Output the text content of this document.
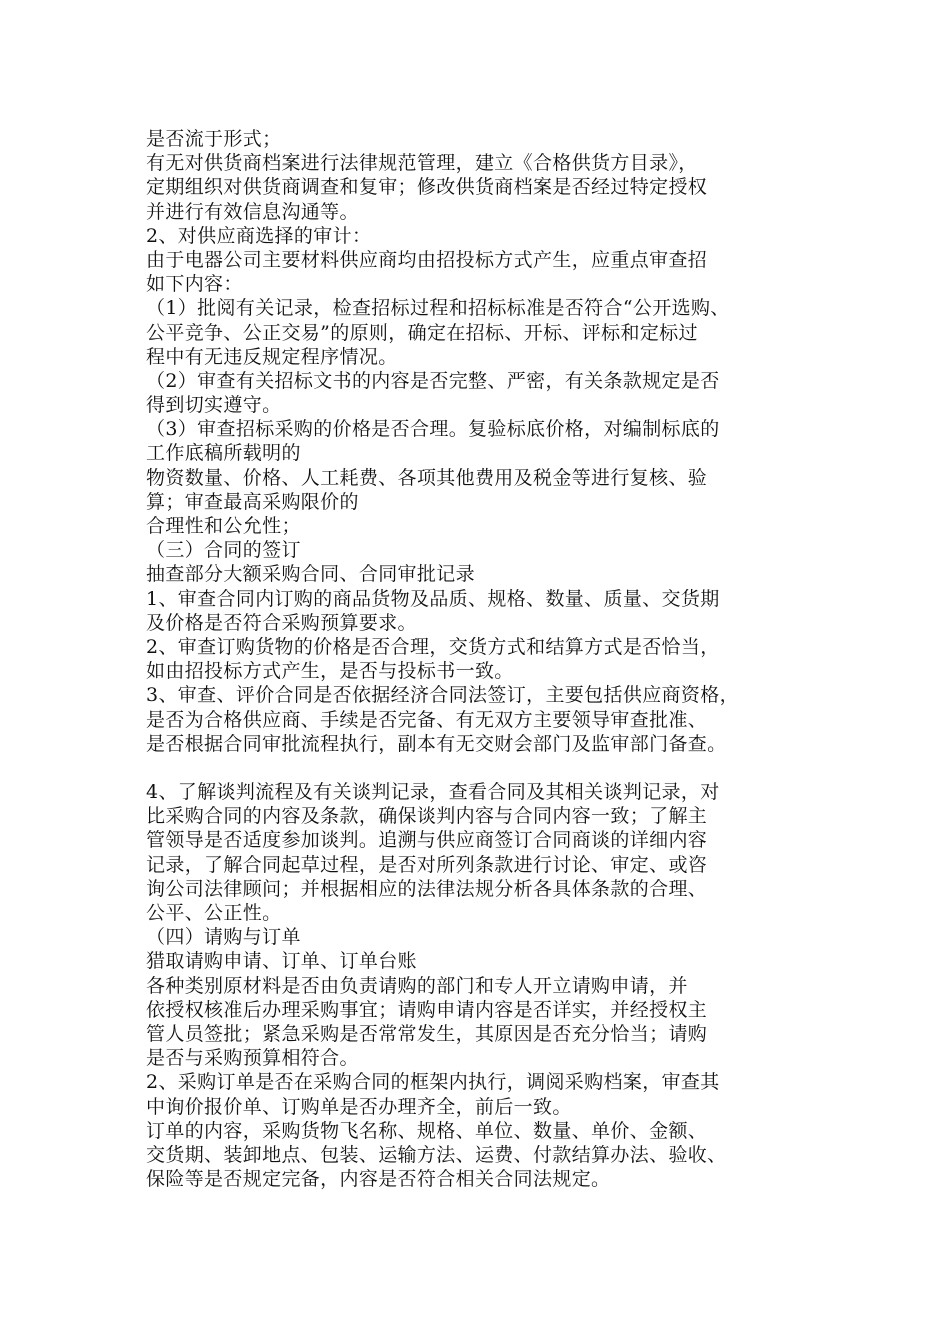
是否流于形式；
有无对供货商档案进行法律规范管理，建立《合格供货方目录》，
定期组织对供货商调查和复审；修改供货商档案是否经过特定授权
并进行有效信息沟通等。
2、对供应商选择的审计：
由于电器公司主要材料供应商均由招投标方式产生，应重点审查招
如下内容：
（1）批阅有关记录，检查招标过程和招标标准是否符合“公开选购、
公平竞争、公正交易”的原则，确定在招标、开标、评标和定标过
程中有无违反规定程序情况。
（2）审查有关招标文书的内容是否完整、严密，有关条款规定是否
得到切实遵守。
（3）审查招标采购的价格是否合理。复验标底价格，对编制标底的
工作底稿所载明的
物资数量、价格、人工耗费、各项其他费用及税金等进行复核、验
算；审查最高采购限价的
合理性和公允性；
（三）合同的签订
抽查部分大额采购合同、合同审批记录
1、审查合同内订购的商品货物及品质、规格、数量、质量、交货期
及价格是否符合采购预算要求。
2、审查订购货物的价格是否合理，交货方式和结算方式是否恰当，
如由招投标方式产生，是否与投标书一致。
3、审查、评价合同是否依据经济合同法签订，主要包括供应商资格，
是否为合格供应商、手续是否完备、有无双方主要领导审查批准、
是否根据合同审批流程执行，副本有无交财会部门及监审部门备查。
4、了解谈判流程及有关谈判记录，查看合同及其相关谈判记录，对
比采购合同的内容及条款，确保谈判内容与合同内容一致；了解主
管领导是否适度参加谈判。追溯与供应商签订合同商谈的详细内容
记录，了解合同起草过程，是否对所列条款进行讨论、审定、或咨
询公司法律顾问；并根据相应的法律法规分析各具体条款的合理、
公平、公正性。
（四）请购与订单
猎取请购申请、订单、订单台账
各种类别原材料是否由负责请购的部门和专人开立请购申请，并
依授权核准后办理采购事宜；请购申请内容是否详实，并经授权主
管人员签批；紧急采购是否常常发生，其原因是否充分恰当；请购
是否与采购预算相符合。
2、采购订单是否在采购合同的框架内执行，调阅采购档案，审查其
中询价报价单、订购单是否办理齐全，前后一致。
订单的内容，采购货物飞名称、规格、单位、数量、单价、金额、
交货期、装卸地点、包装、运输方法、运费、付款结算办法、验收、
保险等是否规定完备，内容是否符合相关合同法规定。
